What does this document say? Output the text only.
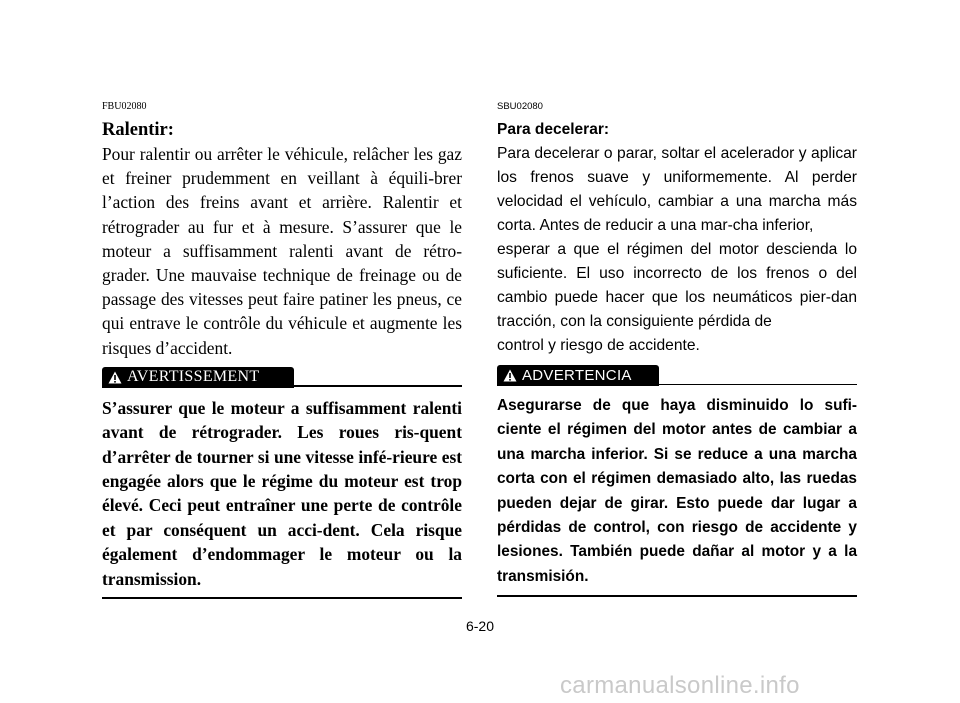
FBU02080

Ralentir:

Pour ralentir ou arrêter le véhicule, relâcher les gaz et freiner prudemment en veillant à équili-brer l’action des freins avant et arrière. Ralentir et rétrograder au fur et à mesure. S’assurer que le moteur a suffisamment ralenti avant de rétro-grader. Une mauvaise technique de freinage ou de passage des vitesses peut faire patiner les pneus, ce qui entrave le contrôle du véhicule et augmente les risques d’accident.

AVERTISSEMENT

S’assurer que le moteur a suffisamment ralenti avant de rétrograder. Les roues ris-quent d’arrêter de tourner si une vitesse infé-rieure est engagée alors que le régime du moteur est trop élevé. Ceci peut entraîner une perte de contrôle et par conséquent un acci-dent. Cela risque également d’endommager le moteur ou la transmission.

SBU02080

Para decelerar:

Para decelerar o parar, soltar el acelerador y aplicar los frenos suave y uniformemente. Al perder velocidad el vehículo, cambiar a una marcha más corta. Antes de reducir a una mar-cha inferior,

esperar a que el régimen del motor descienda lo suficiente. El uso incorrecto de los frenos o del cambio puede hacer que los neumáticos pier-dan tracción, con la consiguiente pérdida de

control y riesgo de accidente.

ADVERTENCIA

Asegurarse de que haya disminuido lo sufi-ciente el régimen del motor antes de cambiar a una marcha inferior. Si se reduce a una marcha corta con el régimen demasiado alto, las ruedas pueden dejar de girar. Esto puede dar lugar a pérdidas de control, con riesgo de accidente y lesiones. También puede dañar al motor y a la transmisión.

6-20
carmanualsonline.info
